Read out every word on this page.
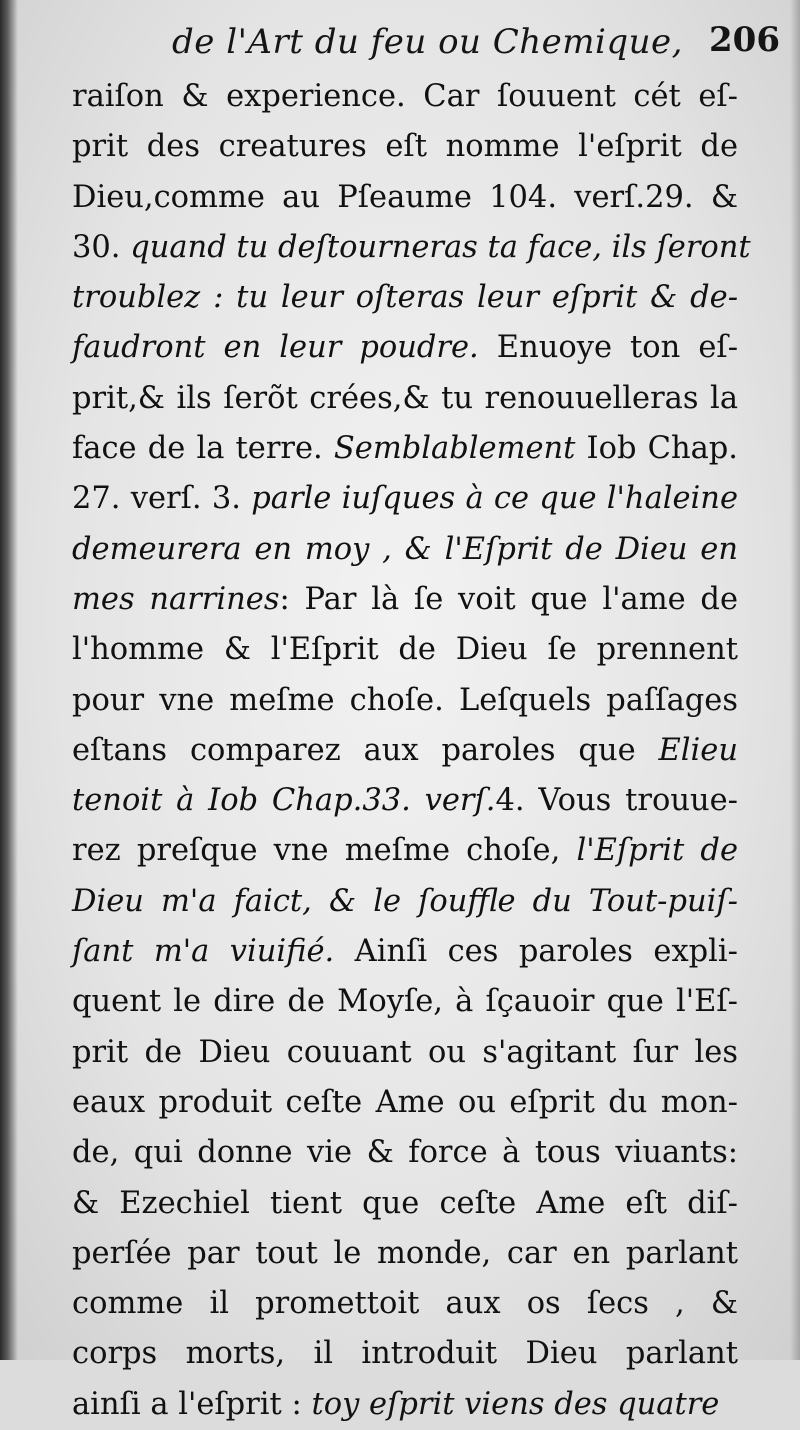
de l'Art du feu ou Chemique, 206
raiſon & experience. Car ſouuent cét eſ-
prit des creatures eſt nomme l'eſprit de
Dieu,comme au Pſeaume 104. verſ.29. &
30. quand tu deſtourneras ta face, ils ſeront
troublez : tu leur oſteras leur eſprit & de-
faudront en leur poudre. Enuoye ton eſ-
prit,& ils ſerõt crées,& tu renouuelleras la
face de la terre. Semblablement Iob Chap.
27. verſ. 3. parle iuſques à ce que l'haleine
demeurera en moy , & l'Eſprit de Dieu en
mes narrines: Par là ſe voit que l'ame de
l'homme & l'Eſprit de Dieu ſe prennent
pour vne meſme choſe. Leſquels paſſages
eſtans comparez aux paroles que Elieu
tenoit à Iob Chap.33. verſ.4. Vous trouue-
rez preſque vne meſme choſe, l'Eſprit de
Dieu m'a faict, & le ſouffle du Tout-puiſ-
ſant m'a viuifié. Ainſi ces paroles expli-
quent le dire de Moyſe, à ſçauoir que l'Eſ-
prit de Dieu couuant ou s'agitant ſur les
eaux produit ceſte Ame ou eſprit du mon-
de, qui donne vie & force à tous viuants:
& Ezechiel tient que ceſte Ame eſt diſ-
perſée par tout le monde, car en parlant
comme il promettoit aux os ſecs , &
corps morts, il introduit Dieu parlant
ainſi a l'eſprit : toy eſprit viens des quatre
